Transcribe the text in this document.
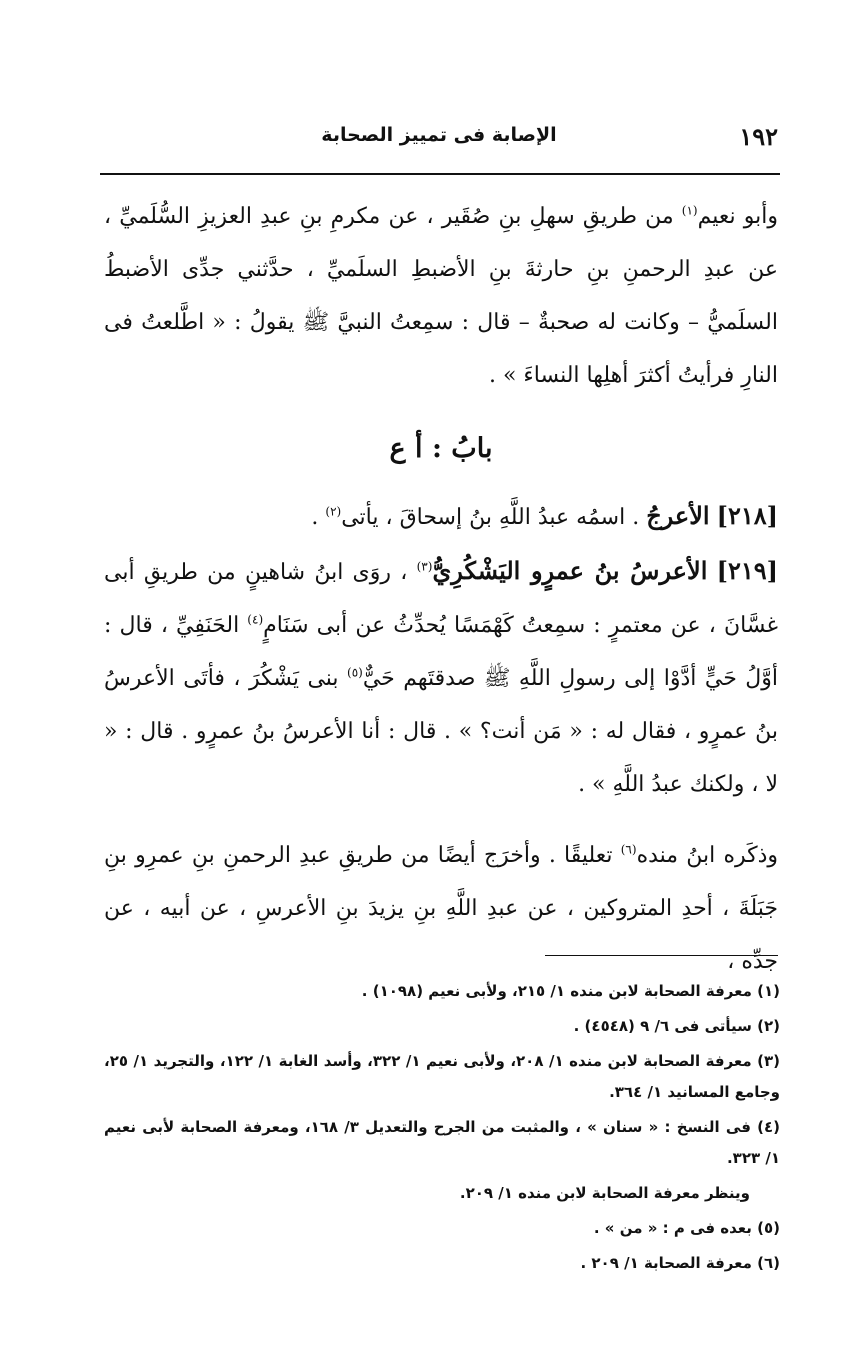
١٩٢
الإصابة فى تمييز الصحابة

وأبو نعيم$^{(١)}$ من طريقِ سهلِ بنِ صُقَير ، عن مكرمِ بنِ عبدِ العزيزِ السُّلَميِّ ، عن عبدِ الرحمنِ بنِ حارثةَ بنِ الأضبطِ السلَميِّ ، حدَّثني جدِّى الأضبطُ السلَميُّ – وكانت له صحبةٌ – قال : سمِعتُ النبيَّ ﷺ يقولُ : « اطَّلعتُ فى النارِ فرأيتُ أكثرَ أهلِها النساءَ » .

بابُ : أ ع

[٢١٨] الأعرجُ . اسمُه عبدُ اللَّهِ بنُ إسحاقَ ، يأتى$^{(٢)}$ .

[٢١٩] الأعرسُ بنُ عمرٍو اليَشْكُرِيُّ$^{(٣)}$ ، روَى ابنُ شاهينٍ من طريقِ أبى غسَّانَ ، عن معتمرٍ : سمِعتُ كَهْمَسًا يُحدِّثُ عن أبى سَنَامٍ$^{(٤)}$ الحَنَفِيِّ ، قال : أوَّلُ حَيٍّ أدَّوْا إلى رسولِ اللَّهِ ﷺ صدقتَهم حَيٌّ$^{(٥)}$ بنى يَشْكُرَ ، فأتَى الأعرسُ بنُ عمرٍو ، فقال له : « مَن أنت؟ » . قال : أنا الأعرسُ بنُ عمرٍو . قال : « لا ، ولكنك عبدُ اللَّهِ » .

وذكَره ابنُ منده$^{(٦)}$ تعليقًا . وأخرَج أيضًا من طريقِ عبدِ الرحمنِ بنِ عمرِو بنِ جَبَلَةَ ، أحدِ المتروكين ، عن عبدِ اللَّهِ بنِ يزيدَ بنِ الأعرسِ ، عن أبيه ، عن جدِّه ،

(١) معرفة الصحابة لابن منده ١/ ٢١٥، ولأبى نعيم (١٠٩٨) .

(٢) سيأتى فى ٦/ ٩ (٤٥٤٨) .

(٣) معرفة الصحابة لابن منده ١/ ٢٠٨، ولأبى نعيم ١/ ٣٢٢، وأسد الغابة ١/ ١٢٢، والتجريد ١/ ٢٥، وجامع المسانيد ١/ ٣٦٤.

(٤) فى النسخ : « سنان » ، والمثبت من الجرح والتعديل ٣/ ١٦٨، ومعرفة الصحابة لأبى نعيم ١/ ٣٢٣.

وينظر معرفة الصحابة لابن منده ١/ ٢٠٩.

(٥) بعده فى م : « من » .

(٦) معرفة الصحابة ١/ ٢٠٩ .
